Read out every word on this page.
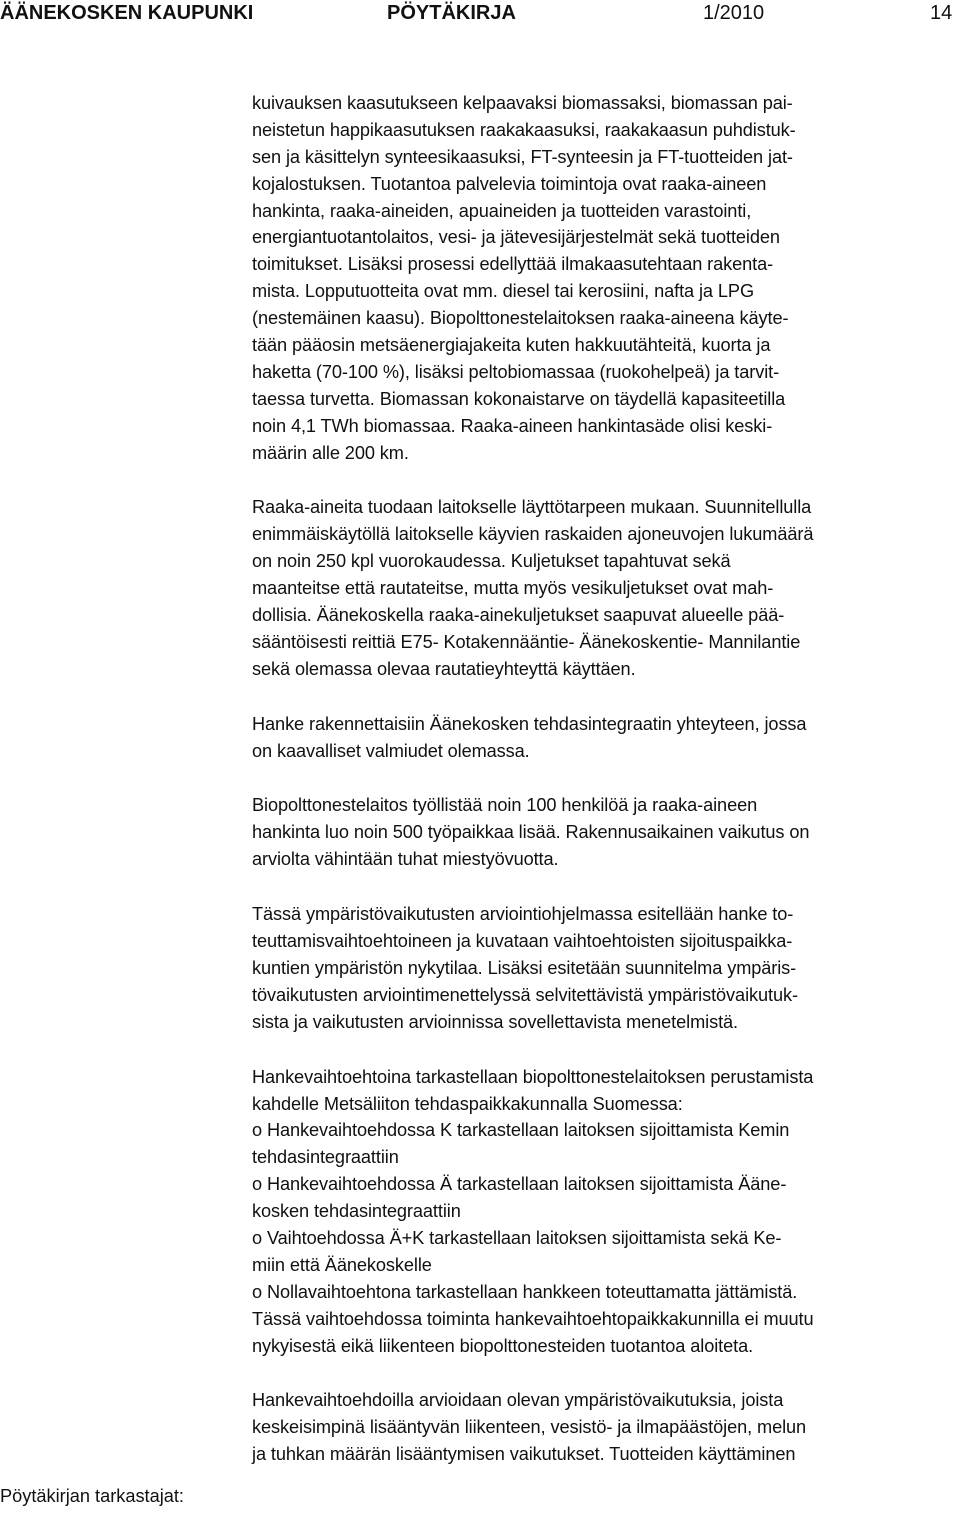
ÄÄNEKOSKEN KAUPUNKI	PÖYTÄKIRJA	1/2010	14
kuivauksen kaasutukseen kelpaavaksi biomassaksi, biomassan pai-
neistetun happikaasutuksen raakakaasuksi, raakakaasun puhdistuk-
sen ja käsittelyn synteesikaasuksi, FT-synteesin ja FT-tuotteiden jat-
kojalostuksen. Tuotantoa palvelevia toimintoja ovat raaka-aineen
hankinta, raaka-aineiden, apuaineiden ja tuotteiden varastointi,
energiantuotantolaitos, vesi- ja jätevesijärjestelmät sekä tuotteiden
toimitukset. Lisäksi prosessi edellyttää ilmakaasutehtaan rakenta-
mista. Lopputuotteita ovat mm. diesel tai kerosiini, nafta ja LPG
(nestemäinen kaasu). Biopolttonestelaitoksen raaka-aineena käyte-
tään pääosin metsäenergiajakeita kuten hakkuutähteitä, kuorta ja
haketta (70-100 %), lisäksi peltobiomassaa (ruokohelpeä) ja tarvit-
taessa turvetta. Biomassan kokonaistarve on täydellä kapasiteetilla
noin 4,1 TWh biomassaa. Raaka-aineen hankintasäde olisi keski-
määrin alle 200 km.
Raaka-aineita tuodaan laitokselle läyttötarpeen mukaan. Suunnitellulla
enimmäiskäytöllä laitokselle käyvien raskaiden ajoneuvojen lukumäärä
on noin 250 kpl vuorokaudessa. Kuljetukset tapahtuvat sekä
maanteitse että rautateitse, mutta myös vesikuljetukset ovat mah-
dollisia. Äänekoskella raaka-ainekuljetukset saapuvat alueelle pää-
sääntöisesti reittiä E75- Kotakennääntie- Äänekoskentie- Mannilantie
sekä olemassa olevaa rautatieyhteyttä käyttäen.
Hanke rakennettaisiin Äänekosken tehdasintegraatin yhteyteen, jossa
on kaavalliset valmiudet olemassa.
Biopolttonestelaitos työllistää noin 100 henkilöä ja raaka-aineen
hankinta luo noin 500 työpaikkaa lisää. Rakennusaikainen vaikutus on
arviolta vähintään tuhat miestyövuotta.
Tässä ympäristövaikutusten arviointiohjelmassa esitellään hanke to-
teuttamisvaihtoehtoineen ja kuvataan vaihtoehtoisten sijoituspaikka-
kuntien ympäristön nykytilaa. Lisäksi esitetään suunnitelma ympäris-
tövaikutusten arviointimenettelyssä selvitettävistä ympäristövaikutuk-
sista ja vaikutusten arvioinnissa sovellettavista menetelmistä.
Hankevaihtoehtoina tarkastellaan biopolttonestelaitoksen perustamista
kahdelle Metsäliiton tehdaspaikkakunnalla Suomessa:
o Hankevaihtoehdossa K tarkastellaan laitoksen sijoittamista Kemin
tehdasintegraattiin
o Hankevaihtoehdossa Ä tarkastellaan laitoksen sijoittamista Ääne-
kosken tehdasintegraattiin
o Vaihtoehdossa Ä+K tarkastellaan laitoksen sijoittamista sekä Ke-
miin että Äänekoskelle
o Nollavaihtoehtona tarkastellaan hankkeen toteuttamatta jättämistä.
Tässä vaihtoehdossa toiminta hankevaihtoehtopaikkakunnilla ei muutu
nykyisestä eikä liikenteen biopolttonesteiden tuotantoa aloiteta.
Hankevaihtoehdoilla arvioidaan olevan ympäristövaikutuksia, joista
keskeisimpinä lisääntyvän liikenteen, vesistö- ja ilmapäästöjen, melun
ja tuhkan määrän lisääntymisen vaikutukset. Tuotteiden käyttäminen
Pöytäkirjan tarkastajat:
